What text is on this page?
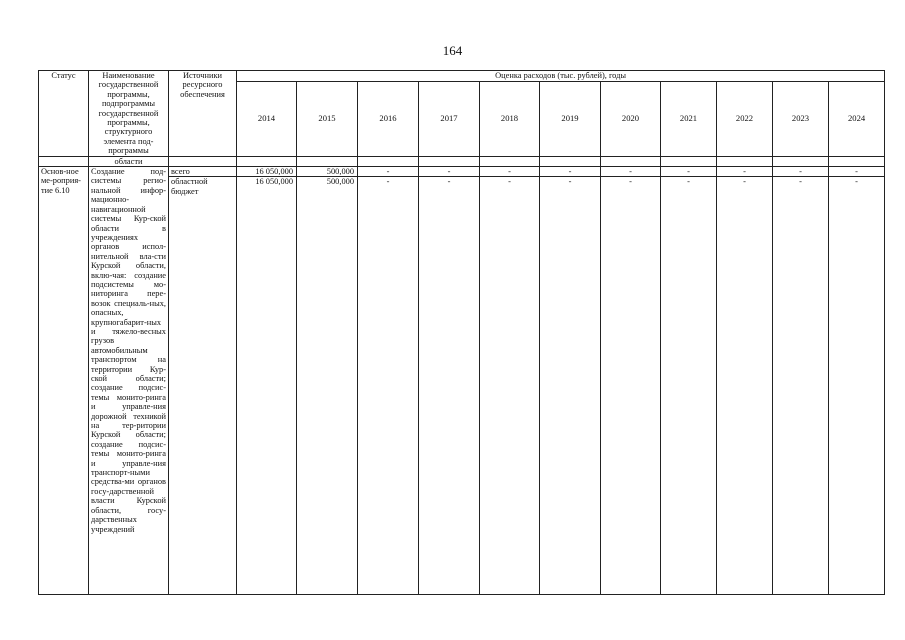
164
Статус	Наименование государственной программы, подпрограммы государственной программы, структурного элемента под-программы	Источники ресурсного обеспечения	Оценка расходов (тыс. рублей), годы										
			2014	2015	2016	2017	2018	2019	2020	2021	2022	2023	2024
	области												
Основ-ное ме-роприя-тие 6.10	Создание под-системы регио-нальной инфор-мационно-навигационной системы Кур-ской области в учреждениях органов испол-нительной вла-сти Курской области, вклю-чая: создание подсистемы мо-ниторинга пере-возок специаль-ных, опасных, крупногабарит-ных и тяжело-весных грузов автомобильным транспортом на территории Кур-ской области; создание подсис-темы монито-ринга и управле-ния дорожной техникой на тер-ритории Курской области; создание подсис-темы монито-ринга и управле-ния транспорт-ными средства-ми органов госу-дарственной власти Курской области, госу-дарственных учреждений	всего	16 050,000	500,000	-	-	-	-	-	-	-	-	-
		областной бюджет	16 050,000	500,000	-	-	-	-	-	-	-	-	-
